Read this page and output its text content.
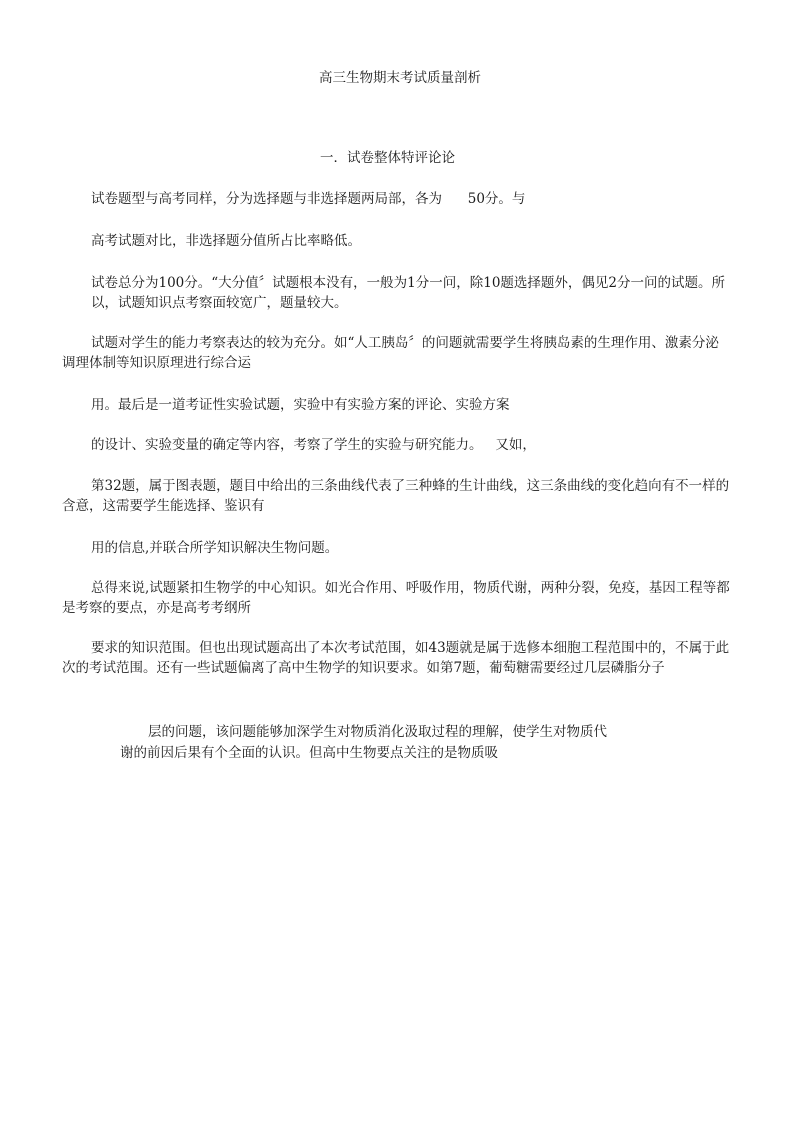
高三生物期末考试质量剖析
一．试卷整体特评论论
试卷题型与高考同样，分为选择题与非选择题两局部，各为      50分。与
高考试题对比，非选择题分值所占比率略低。
试卷总分为100分。“大分值〞试题根本没有，一般为1分一问，除10题选择题外，偶见2分一问的试题。所以，试题知识点考察面较宽广，题量较大。
试题对学生的能力考察表达的较为充分。如“人工胰岛〞的问题就需要学生将胰岛素的生理作用、激素分泌调理体制等知识原理进行综合运
用。最后是一道考证性实验试题，实验中有实验方案的评论、实验方案
的设计、实验变量的确定等内容，考察了学生的实验与研究能力。   又如，
第32题，属于图表题，题目中给出的三条曲线代表了三种蜂的生计曲线，这三条曲线的变化趋向有不一样的含意，这需要学生能选择、鉴识有
用的信息,并联合所学知识解决生物问题。
总得来说,试题紧扣生物学的中心知识。如光合作用、呼吸作用，物质代谢，两种分裂，免疫，基因工程等都是考察的要点，亦是高考考纲所
要求的知识范围。但也出现试题高出了本次考试范围，如43题就是属于选修本细胞工程范围中的，不属于此次的考试范围。还有一些试题偏离了高中生物学的知识要求。如第7题，葡萄糖需要经过几层磷脂分子
层的问题，该问题能够加深学生对物质消化汲取过程的理解，使学生对物质代
谢的前因后果有个全面的认识。但高中生物要点关注的是物质吸
